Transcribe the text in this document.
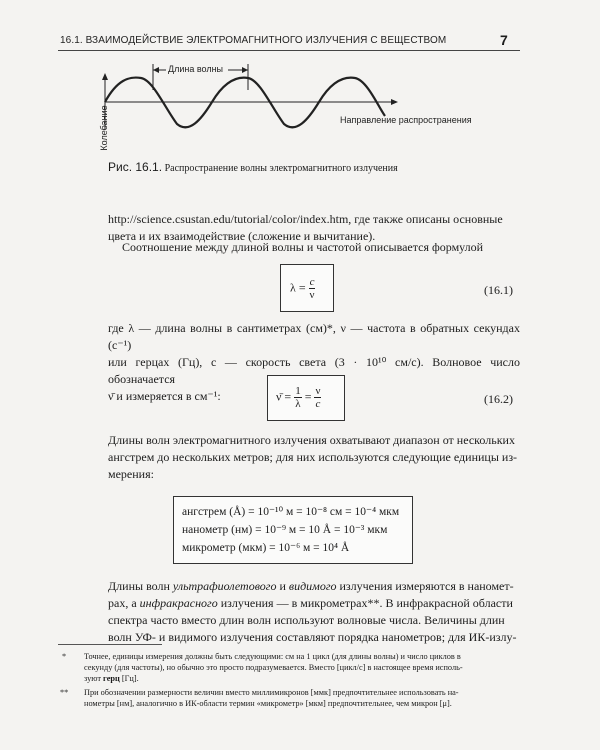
16.1. ВЗАИМОДЕЙСТВИЕ ЭЛЕКТРОМАГНИТНОГО ИЗЛУЧЕНИЯ С ВЕЩЕСТВОМ	7
Длина волны
Колебание	Направление распространения
Рис. 16.1. Распространение волны электромагнитного излучения
http://science.csustan.edu/tutorial/color/index.htm, где также описаны основные
цвета и их взаимодействие (сложение и вычитание).
Соотношение между длиной волны и частотой описывается формулой
$\lambda = \frac{c}{\nu}$	(16.1)
где λ — длина волны в сантиметрах (см)*, ν — частота в обратных секундах (с⁻¹)
или герцах (Гц), c — скорость света (3 · 10¹⁰ см/с). Волновое число обозначается
ν̄ и измеряется в см⁻¹:	ν̄ = $\frac{1}{\lambda} = \frac{\nu}{c}$	(16.2)
Длины волн электромагнитного излучения охватывают диапазон от нескольких
ангстрем до нескольких метров; для них используются следующие единицы из-
мерения:
ангстрем (Å) = 10⁻¹⁰ м = 10⁻⁸ см = 10⁻⁴ мкм
нанометр (нм) = 10⁻⁹ м = 10 Å = 10⁻³ мкм
микрометр (мкм) = 10⁻⁶ м = 10⁴ Å
Длины волн ультрафиолетового и видимого излучения измеряются в наномет-
рах, а инфракрасного излучения — в микрометрах**. В инфракрасной области
спектра часто вместо длин волн используют волновые числа. Величины длин
волн УФ- и видимого излучения составляют порядка нанометров; для ИК-излу-
* Точнее, единицы измерения должны быть следующими: см на 1 цикл (для длины волны) и число циклов в
секунду (для частоты), но обычно это просто подразумевается. Вместо [цикл/с] в настоящее время исполь-
зуют герц [Гц].
** При обозначении размерности величин вместо миллимикронов [ммк] предпочтительнее использовать на-
нометры [нм], аналогично в ИК-области термин «микрометр» [мкм] предпочтительнее, чем микрон [μ].
